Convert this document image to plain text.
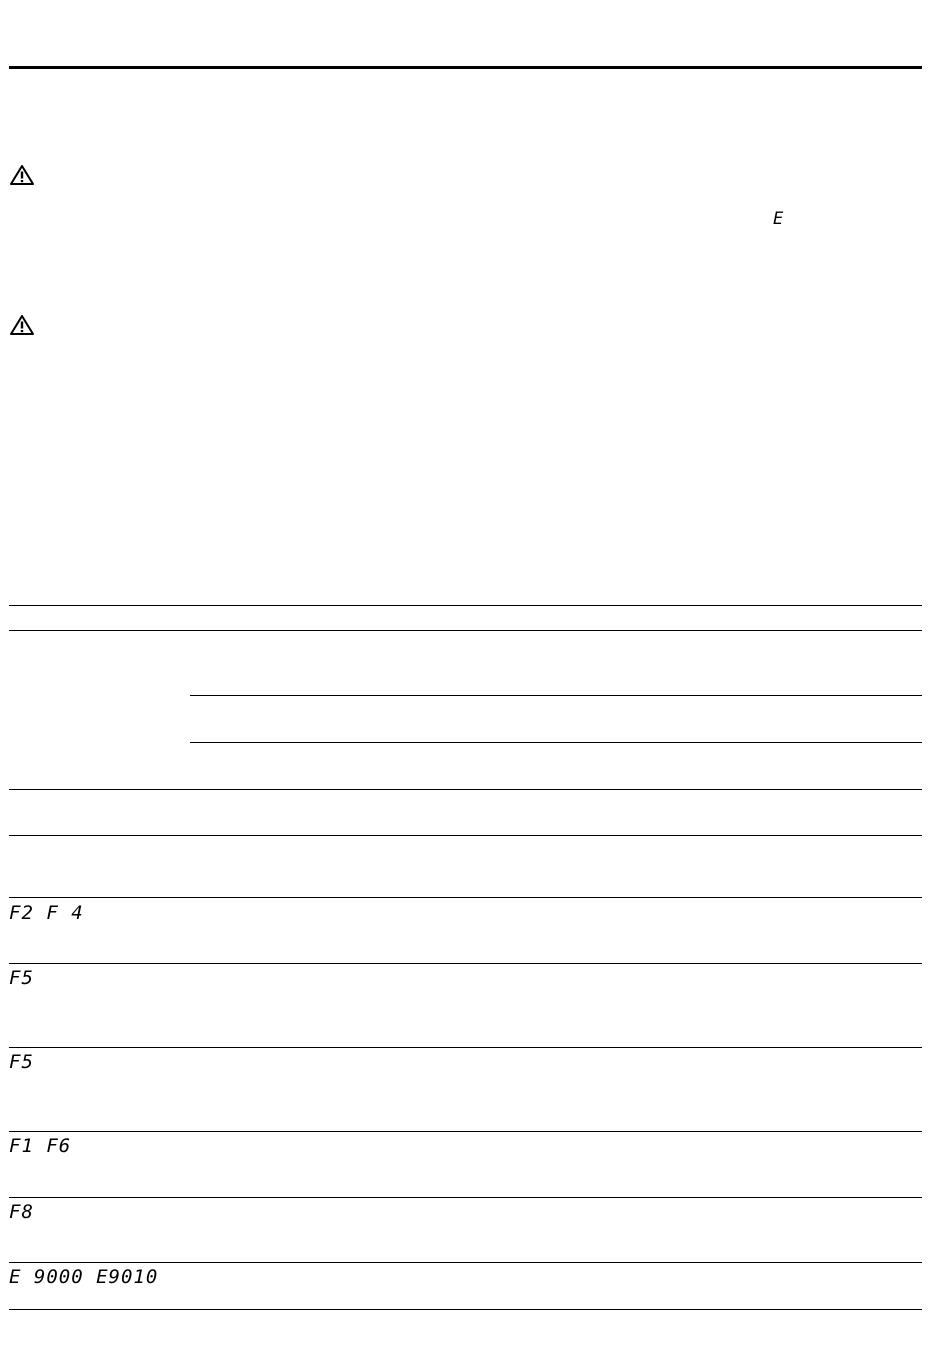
E
F2 F 4
F5
F5
F1 F6
F8
E 9000 E9010
